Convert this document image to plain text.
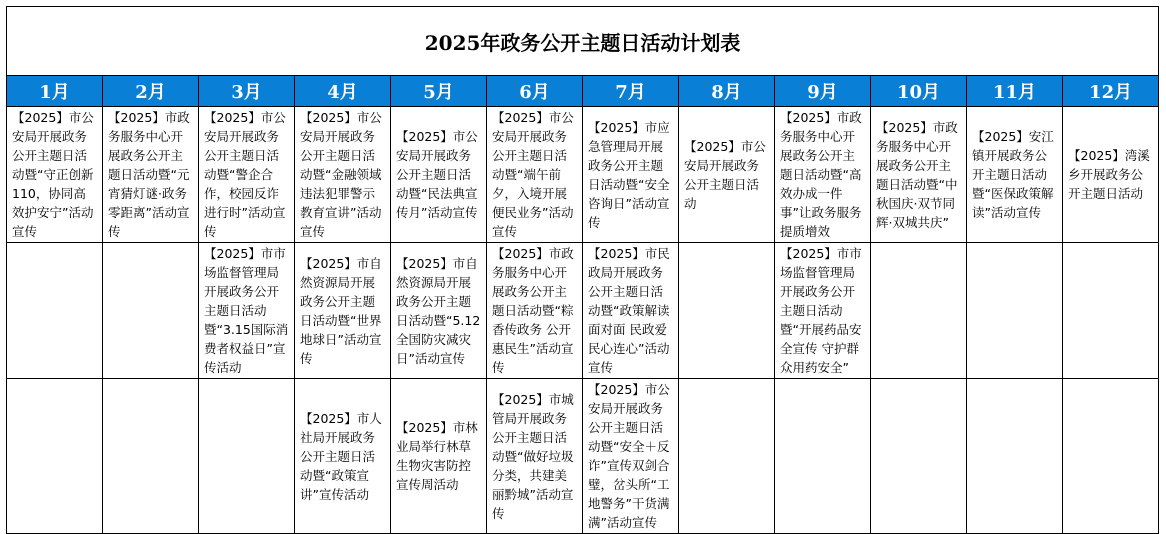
2025年政务公开主题日活动计划表											
1月	2月	3月	4月	5月	6月	7月	8月	9月	10月	11月	12月
【2025】市公安局开展政务公开主题日活动暨“守正创新110，协同高效护安宁”活动宣传	【2025】市政务服务中心开展政务公开主题日活动暨“元宵猜灯谜·政务零距离”活动宣传	【2025】市公安局开展政务公开主题日活动暨“警企合作，校园反诈进行时”活动宣传	【2025】市公安局开展政务公开主题日活动暨“金融领域违法犯罪警示教育宣讲”活动宣传	【2025】市公安局开展政务公开主题日活动暨“民法典宣传月”活动宣传	【2025】市公安局开展政务公开主题日活动暨“端午前夕，入境开展便民业务”活动宣传	【2025】市应急管理局开展政务公开主题日活动暨“安全咨询日”活动宣传	【2025】市公安局开展政务公开主题日活动	【2025】市政务服务中心开展政务公开主题日活动暨“高效办成一件事”让政务服务提质增效	【2025】市政务服务中心开展政务公开主题日活动暨“中秋国庆·双节同辉·双城共庆”	【2025】安江镇开展政务公开主题日活动暨“医保政策解读”活动宣传	【2025】湾溪乡开展政务公开主题日活动
		【2025】市市场监督管理局开展政务公开主题日活动暨“3.15国际消费者权益日”宣传活动	【2025】市自然资源局开展政务公开主题日活动暨“世界地球日”活动宣传	【2025】市自然资源局开展政务公开主题日活动暨“5.12全国防灾减灾日”活动宣传	【2025】市政务服务中心开展政务公开主题日活动暨“粽香传政务 公开惠民生”活动宣传	【2025】市民政局开展政务公开主题日活动暨“政策解读面对面 民政爱民心连心”活动宣传		【2025】市市场监督管理局开展政务公开主题日活动暨“开展药品安全宣传 守护群众用药安全”			
			【2025】市人社局开展政务公开主题日活动暨“政策宣讲”宣传活动	【2025】市林业局举行林草生物灾害防控宣传周活动	【2025】市城管局开展政务公开主题日活动暨“做好垃圾分类，共建美丽黔城”活动宣传	【2025】市公安局开展政务公开主题日活动暨“安全＋反诈”宣传双剑合璧，岔头所“工地警务”干货满满”活动宣传					
